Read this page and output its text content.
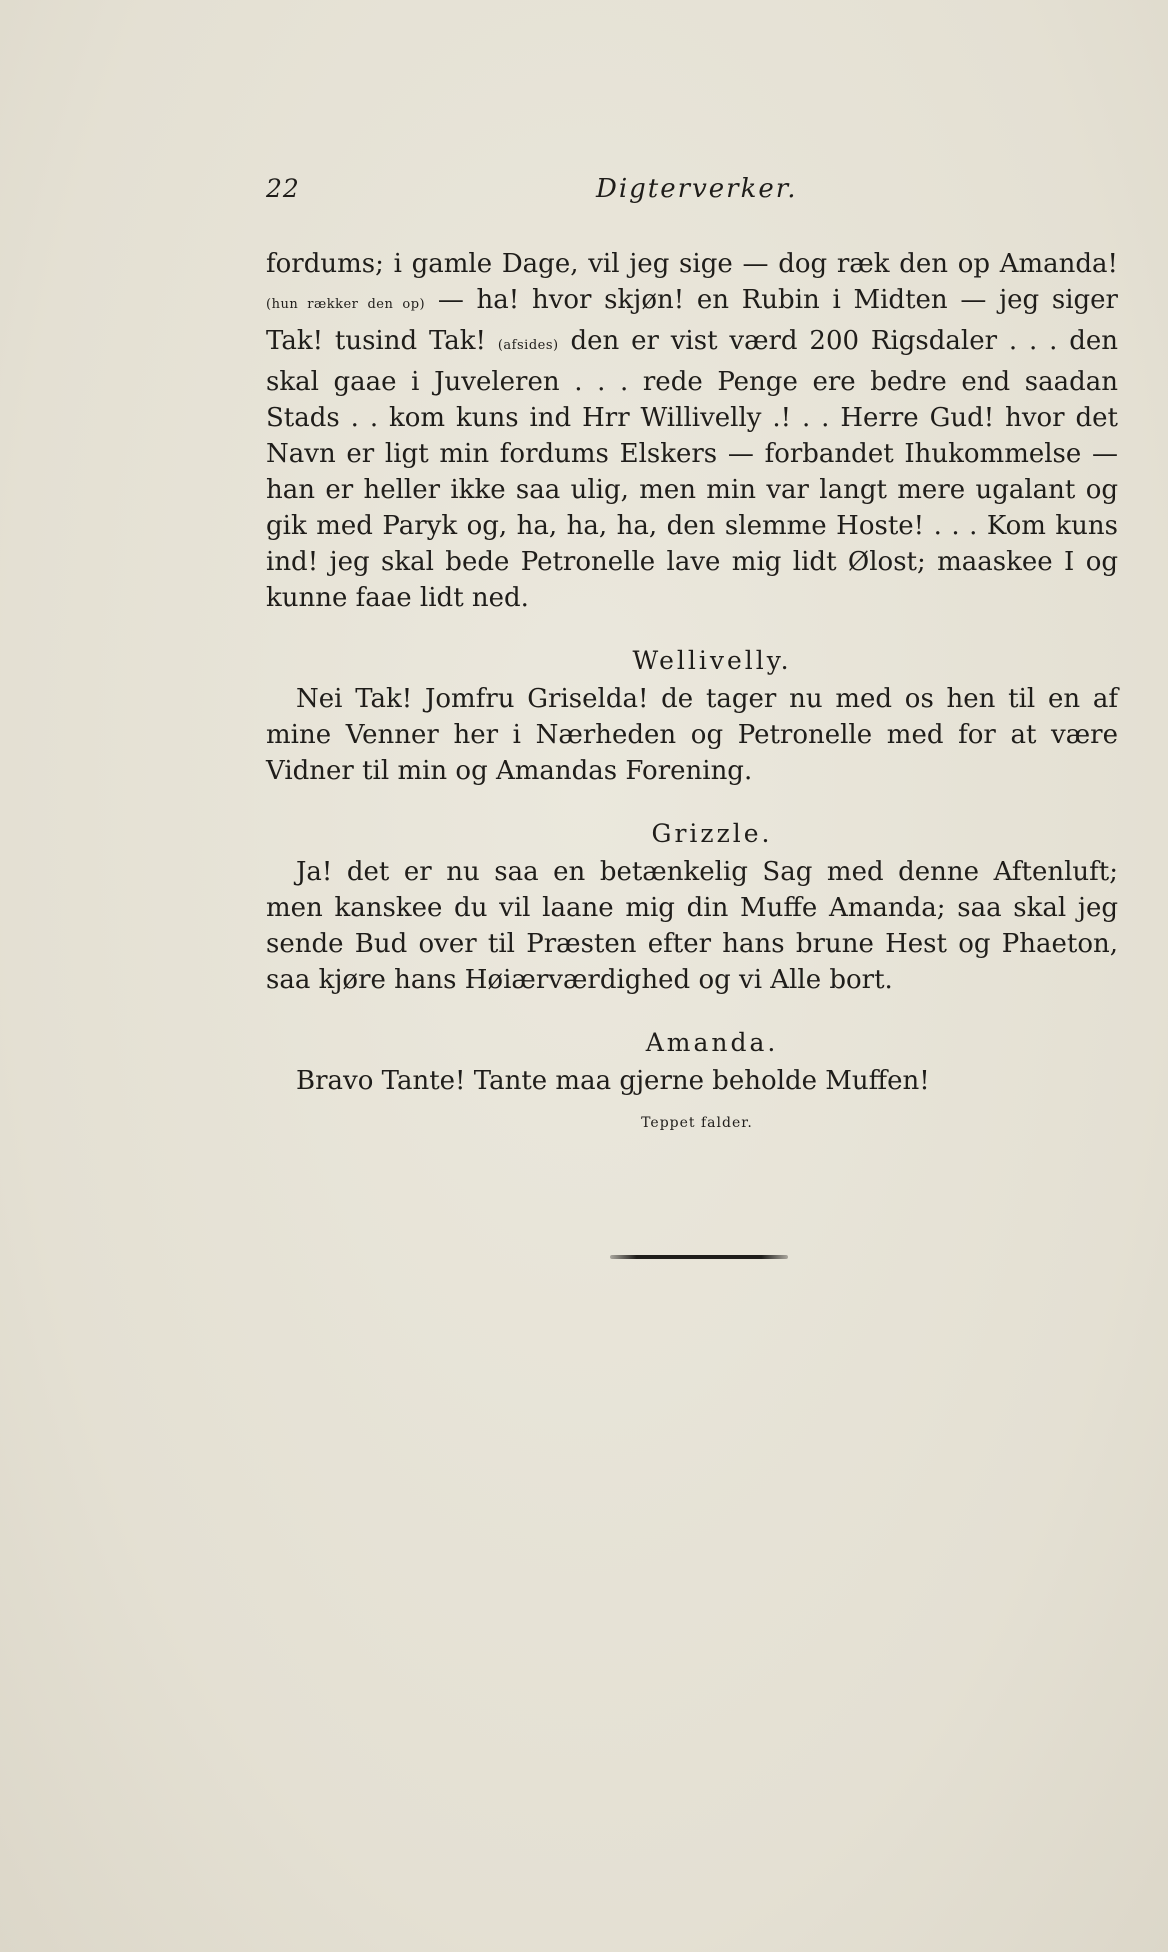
22	Digterverker.

fordums; i gamle Dage, vil jeg sige — dog ræk den op Amanda! (hun rækker den op) — ha! hvor skjøn! en Rubin i Midten — jeg siger Tak! tusind Tak! (afsides) den er vist værd 200 Rigsdaler . . . den skal gaae i Juveleren . . . rede Penge ere bedre end saadan Stads . . kom kuns ind Hrr Willivelly .! . . Herre Gud! hvor det Navn er ligt min fordums Elskers — forbandet Ihukommelse — han er heller ikke saa ulig, men min var langt mere ugalant og gik med Paryk og, ha, ha, ha, den slemme Hoste! . . . Kom kuns ind! jeg skal bede Petronelle lave mig lidt Ølost; maaskee I og kunne faae lidt ned.

Wellivelly.

Nei Tak! Jomfru Griselda! de tager nu med os hen til en af mine Venner her i Nærheden og Petronelle med for at være Vidner til min og Amandas Forening.

Grizzle.

Ja! det er nu saa en betænkelig Sag med denne Aftenluft; men kanskee du vil laane mig din Muffe Amanda; saa skal jeg sende Bud over til Præsten efter hans brune Hest og Phaeton, saa kjøre hans Høiærværdighed og vi Alle bort.

Amanda.

Bravo Tante! Tante maa gjerne beholde Muffen!

Teppet falder.
